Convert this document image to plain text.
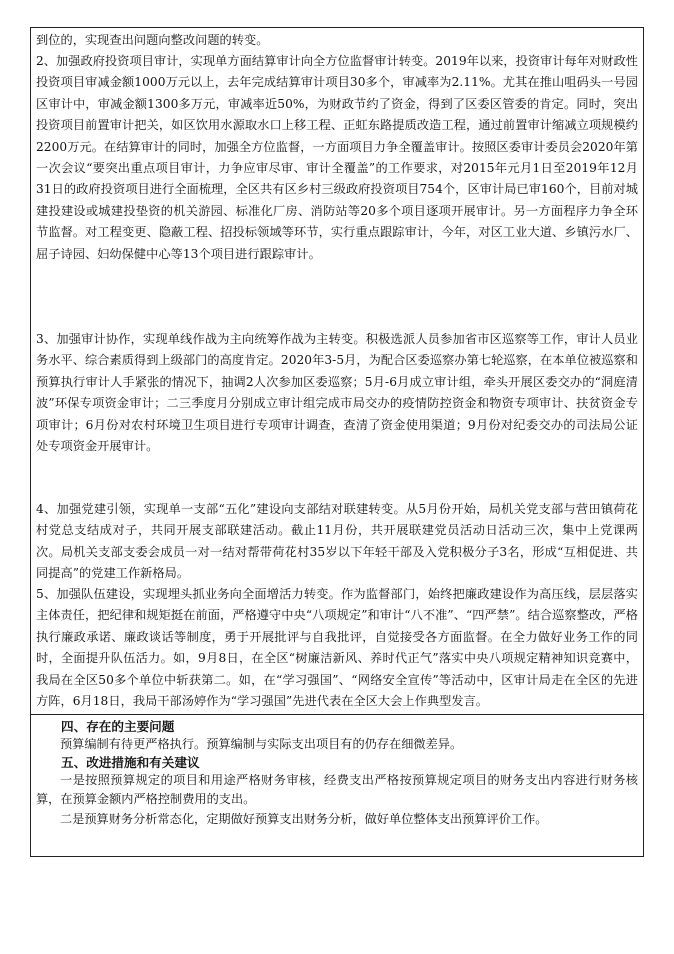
到位的，实现查出问题向整改问题的转变。

2、加强政府投资项目审计，实现单方面结算审计向全方位监督审计转变。2019年以来，投资审计每年对财政性投资项目审减金额1000万元以上，去年完成结算审计项目30多个，审减率为2.11%。尤其在推山咀码头一号园区审计中，审减金额1300多万元，审减率近50%，为财政节约了资金，得到了区委区管委的肯定。同时，突出投资项目前置审计把关，如区饮用水源取水口上移工程、正虹东路提质改造工程，通过前置审计缩减立项规模约2200万元。在结算审计的同时，加强全方位监督，一方面项目力争全覆盖审计。按照区委审计委员会2020年第一次会议“要突出重点项目审计，力争应审尽审、审计全覆盖”的工作要求，对2015年元月1日至2019年12月31日的政府投资项目进行全面梳理，全区共有区乡村三级政府投资项目754个，区审计局已审160个，目前对城建投建设或城建投垫资的机关游园、标准化厂房、消防站等20多个项目逐项开展审计。另一方面程序力争全环节监督。对工程变更、隐蔽工程、招投标领域等环节，实行重点跟踪审计，今年，对区工业大道、乡镇污水厂、屈子诗园、妇幼保健中心等13个项目进行跟踪审计。

3、加强审计协作，实现单线作战为主向统筹作战为主转变。积极选派人员参加省市区巡察等工作，审计人员业务水平、综合素质得到上级部门的高度肯定。2020年3-5月，为配合区委巡察办第七轮巡察，在本单位被巡察和预算执行审计人手紧张的情况下，抽调2人次参加区委巡察；5月-6月成立审计组，牵头开展区委交办的“洞庭清波”环保专项资金审计；二三季度月分别成立审计组完成市局交办的疫情防控资金和物资专项审计、扶贫资金专项审计；6月份对农村环境卫生项目进行专项审计调查，查清了资金使用渠道；9月份对纪委交办的司法局公证处专项资金开展审计。

4、加强党建引领，实现单一支部“五化”建设向支部结对联建转变。从5月份开始，局机关党支部与营田镇荷花村党总支结成对子，共同开展支部联建活动。截止11月份，共开展联建党员活动日活动三次，集中上党课两次。局机关支部支委会成员一对一结对帮带荷花村35岁以下年轻干部及入党积极分子3名，形成“互相促进、共同提高”的党建工作新格局。

5、加强队伍建设，实现埋头抓业务向全面增活力转变。作为监督部门，始终把廉政建设作为高压线，层层落实主体责任，把纪律和规矩挺在前面，严格遵守中央“八项规定”和审计“八不准”、“四严禁”。结合巡察整改，严格执行廉政承诺、廉政谈话等制度，勇于开展批评与自我批评，自觉接受各方面监督。在全力做好业务工作的同时，全面提升队伍活力。如，9月8日，在全区“树廉洁新风、养时代正气”落实中央八项规定精神知识竞赛中，我局在全区50多个单位中斩获第二。如，在“学习强国”、“网络安全宣传”等活动中，区审计局走在全区的先进方阵，6月18日，我局干部汤婷作为“学习强国”先进代表在全区大会上作典型发言。

四、存在的主要问题

预算编制有待更严格执行。预算编制与实际支出项目有的仍存在细微差异。

五、改进措施和有关建议

一是按照预算规定的项目和用途严格财务审核，经费支出严格按预算规定项目的财务支出内容进行财务核算，在预算金额内严格控制费用的支出。

二是预算财务分析常态化，定期做好预算支出财务分析，做好单位整体支出预算评价工作。
